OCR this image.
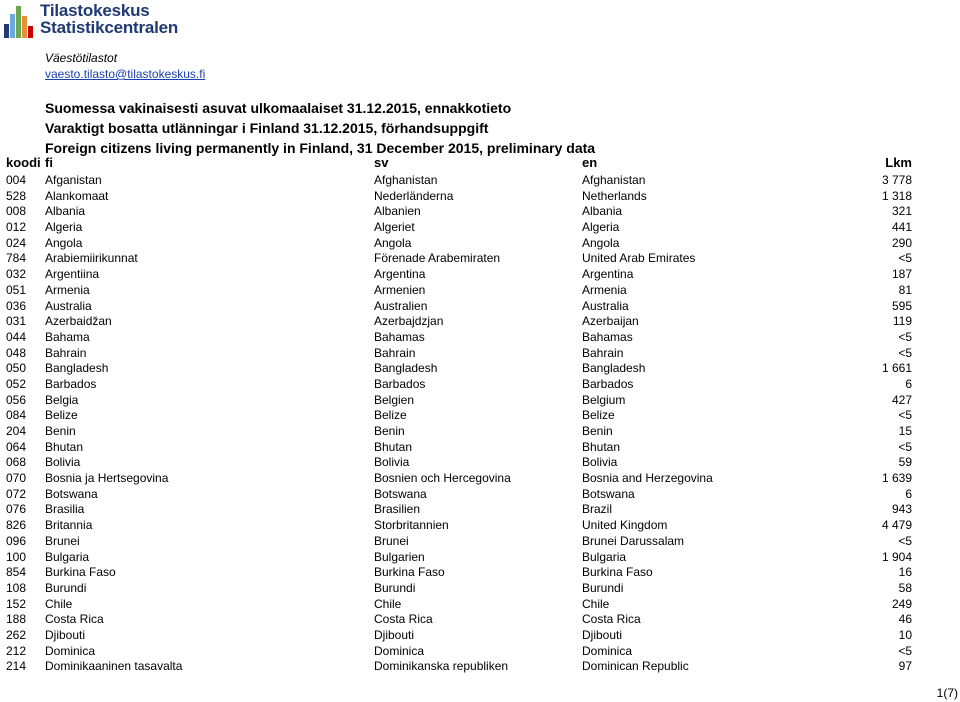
Tilastokeskus
Statistikcentralen
Väestötilastot
vaesto.tilasto@tilastokeskus.fi
Suomessa vakinaisesti asuvat ulkomaalaiset 31.12.2015, ennakkotieto
Varaktigt bosatta utlänningar i Finland 31.12.2015, förhandsuppgift
Foreign citizens living permanently in Finland, 31 December 2015, preliminary data
koodi fi	sv	en	Lkm
004 Afganistan	Afghanistan	Afghanistan	3 778
528 Alankomaat	Nederländerna	Netherlands	1 318
008 Albania	Albanien	Albania	321
012 Algeria	Algeriet	Algeria	441
024 Angola	Angola	Angola	290
784 Arabiemiirikunnat	Förenade Arabemiraten	United Arab Emirates	<5
032 Argentiina	Argentina	Argentina	187
051 Armenia	Armenien	Armenia	81
036 Australia	Australien	Australia	595
031 Azerbaidžan	Azerbajdzjan	Azerbaijan	119
044 Bahama	Bahamas	Bahamas	<5
048 Bahrain	Bahrain	Bahrain	<5
050 Bangladesh	Bangladesh	Bangladesh	1 661
052 Barbados	Barbados	Barbados	6
056 Belgia	Belgien	Belgium	427
084 Belize	Belize	Belize	<5
204 Benin	Benin	Benin	15
064 Bhutan	Bhutan	Bhutan	<5
068 Bolivia	Bolivia	Bolivia	59
070 Bosnia ja Hertsegovina	Bosnien och Hercegovina	Bosnia and Herzegovina	1 639
072 Botswana	Botswana	Botswana	6
076 Brasilia	Brasilien	Brazil	943
826 Britannia	Storbritannien	United Kingdom	4 479
096 Brunei	Brunei	Brunei Darussalam	<5
100 Bulgaria	Bulgarien	Bulgaria	1 904
854 Burkina Faso	Burkina Faso	Burkina Faso	16
108 Burundi	Burundi	Burundi	58
152 Chile	Chile	Chile	249
188 Costa Rica	Costa Rica	Costa Rica	46
262 Djibouti	Djibouti	Djibouti	10
212 Dominica	Dominica	Dominica	<5
214 Dominikaaninen tasavalta	Dominikanska republiken	Dominican Republic	97
1(7)
